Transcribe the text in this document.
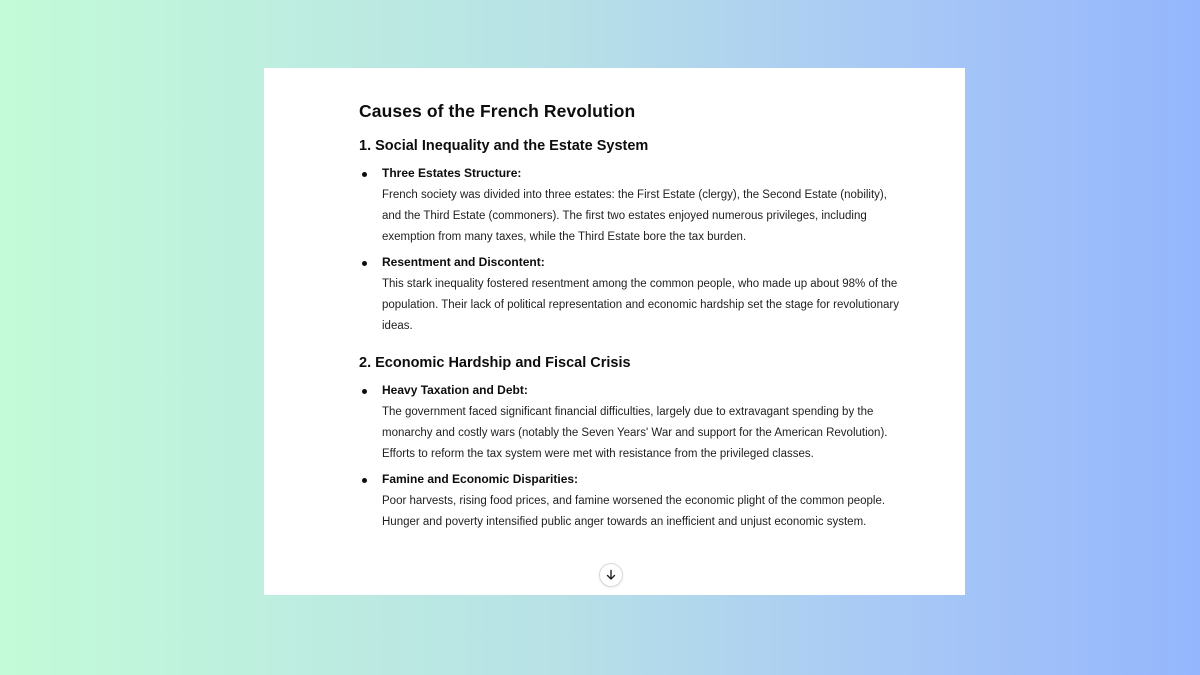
Causes of the French Revolution
1. Social Inequality and the Estate System
Three Estates Structure:
French society was divided into three estates: the First Estate (clergy), the Second Estate (nobility), and the Third Estate (commoners). The first two estates enjoyed numerous privileges, including exemption from many taxes, while the Third Estate bore the tax burden.
Resentment and Discontent:
This stark inequality fostered resentment among the common people, who made up about 98% of the population. Their lack of political representation and economic hardship set the stage for revolutionary ideas.
2. Economic Hardship and Fiscal Crisis
Heavy Taxation and Debt:
The government faced significant financial difficulties, largely due to extravagant spending by the monarchy and costly wars (notably the Seven Years' War and support for the American Revolution). Efforts to reform the tax system were met with resistance from the privileged classes.
Famine and Economic Disparities:
Poor harvests, rising food prices, and famine worsened the economic plight of the common people. Hunger and poverty intensified public anger towards an inefficient and unjust economic system.
